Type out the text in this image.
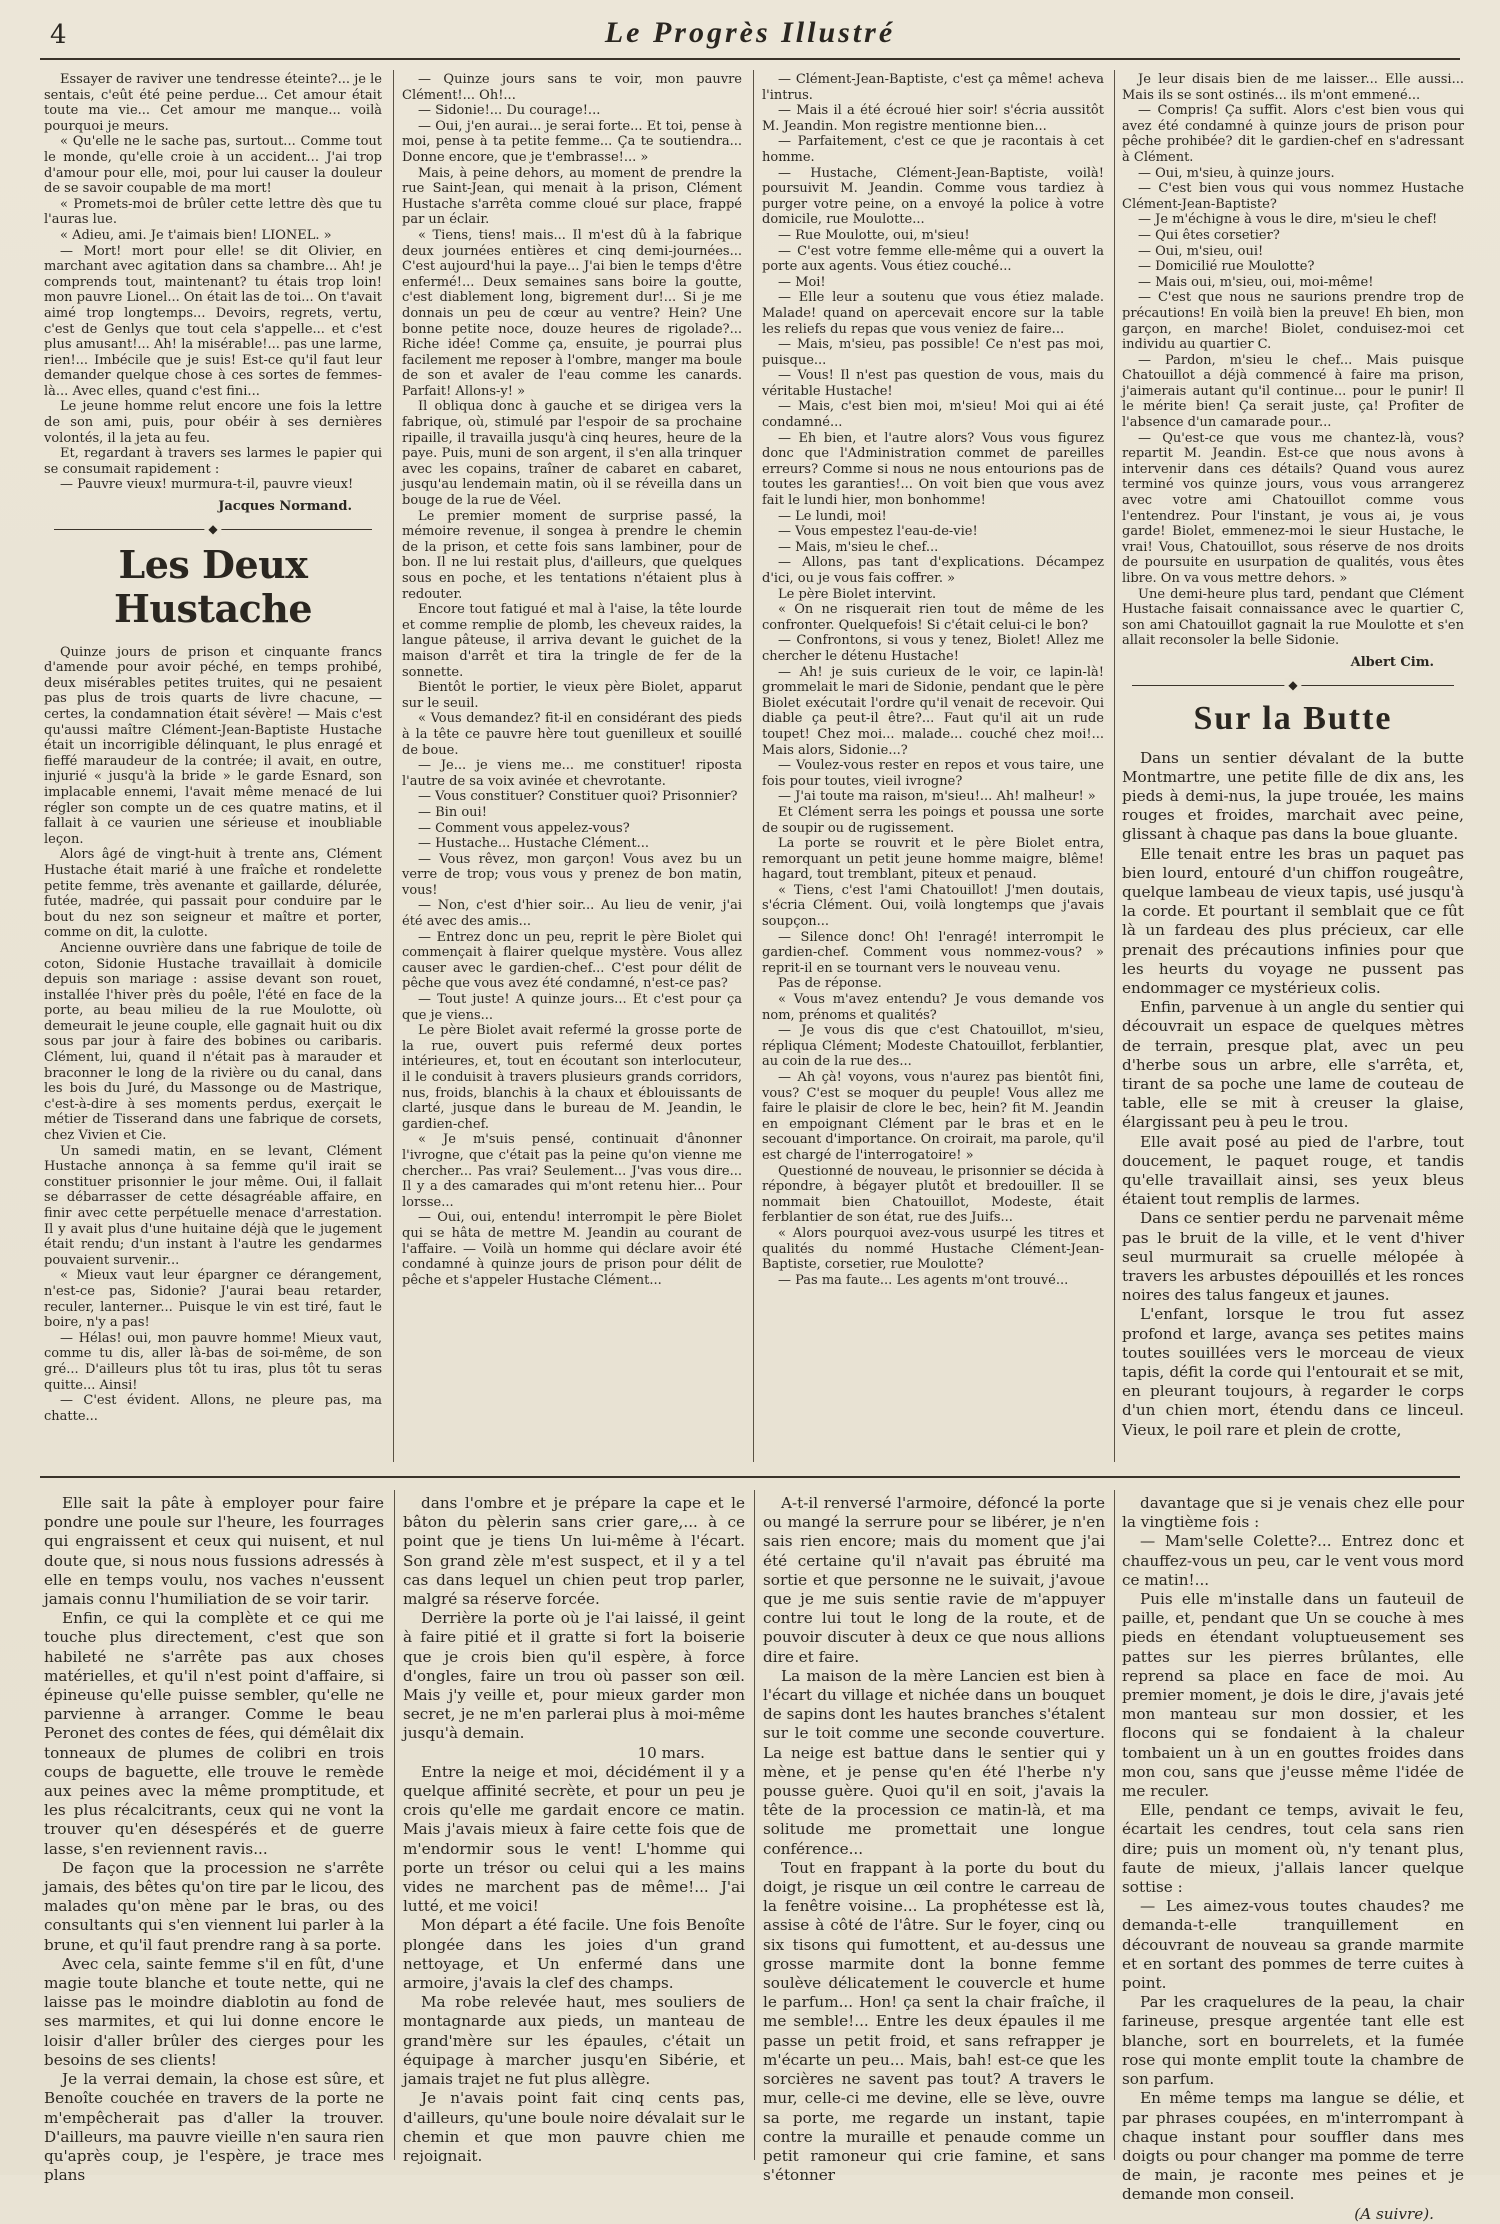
4	Le Progrès Illustré

Essayer de raviver une tendresse éteinte?... je le sentais, c'eût été peine perdue... Cet amour était toute ma vie... Cet amour me manque... voilà pourquoi je meurs.

« Qu'elle ne le sache pas, surtout... Comme tout le monde, qu'elle croie à un accident... J'ai trop d'amour pour elle, moi, pour lui causer la douleur de se savoir coupable de ma mort!

« Promets-moi de brûler cette lettre dès que tu l'auras lue.

« Adieu, ami. Je t'aimais bien! LIONEL. »

— Mort! mort pour elle! se dit Olivier, en marchant avec agitation dans sa chambre... Ah! je comprends tout, maintenant? tu étais trop loin! mon pauvre Lionel... On était las de toi... On t'avait aimé trop longtemps... Devoirs, regrets, vertu, c'est de Genlys que tout cela s'appelle... et c'est plus amusant!... Ah! la misérable!... pas une larme, rien!... Imbécile que je suis! Est-ce qu'il faut leur demander quelque chose à ces sortes de femmes-là... Avec elles, quand c'est fini...

Le jeune homme relut encore une fois la lettre de son ami, puis, pour obéir à ses dernières volontés, il la jeta au feu.

Et, regardant à travers ses larmes le papier qui se consumait rapidement :

— Pauvre vieux! murmura-t-il, pauvre vieux!

Jacques Normand.

◆
Les Deux Hustache

Quinze jours de prison et cinquante francs d'amende pour avoir péché, en temps prohibé, deux misérables petites truites, qui ne pesaient pas plus de trois quarts de livre chacune, — certes, la condamnation était sévère! — Mais c'est qu'aussi maître Clément-Jean-Baptiste Hustache était un incorrigible délinquant, le plus enragé et fieffé maraudeur de la contrée; il avait, en outre, injurié « jusqu'à la bride » le garde Esnard, son implacable ennemi, l'avait même menacé de lui régler son compte un de ces quatre matins, et il fallait à ce vaurien une sérieuse et inoubliable leçon.

Alors âgé de vingt-huit à trente ans, Clément Hustache était marié à une fraîche et rondelette petite femme, très avenante et gaillarde, délurée, futée, madrée, qui passait pour conduire par le bout du nez son seigneur et maître et porter, comme on dit, la culotte.

Ancienne ouvrière dans une fabrique de toile de coton, Sidonie Hustache travaillait à domicile depuis son mariage : assise devant son rouet, installée l'hiver près du poêle, l'été en face de la porte, au beau milieu de la rue Moulotte, où demeurait le jeune couple, elle gagnait huit ou dix sous par jour à faire des bobines ou caribaris. Clément, lui, quand il n'était pas à marauder et braconner le long de la rivière ou du canal, dans les bois du Juré, du Massonge ou de Mastrique, c'est-à-dire à ses moments perdus, exerçait le métier de Tisserand dans une fabrique de corsets, chez Vivien et Cie.

Un samedi matin, en se levant, Clément Hustache annonça à sa femme qu'il irait se constituer prisonnier le jour même. Oui, il fallait se débarrasser de cette désagréable affaire, en finir avec cette perpétuelle menace d'arrestation. Il y avait plus d'une huitaine déjà que le jugement était rendu; d'un instant à l'autre les gendarmes pouvaient survenir...

« Mieux vaut leur épargner ce dérangement, n'est-ce pas, Sidonie? J'aurai beau retarder, reculer, lanterner... Puisque le vin est tiré, faut le boire, n'y a pas!

— Hélas! oui, mon pauvre homme! Mieux vaut, comme tu dis, aller là-bas de soi-même, de son gré... D'ailleurs plus tôt tu iras, plus tôt tu seras quitte... Ainsi!

— C'est évident. Allons, ne pleure pas, ma chatte...

— Quinze jours sans te voir, mon pauvre Clément!... Oh!...

— Sidonie!... Du courage!...

— Oui, j'en aurai... je serai forte... Et toi, pense à moi, pense à ta petite femme... Ça te soutiendra... Donne encore, que je t'embrasse!... »

Mais, à peine dehors, au moment de prendre la rue Saint-Jean, qui menait à la prison, Clément Hustache s'arrêta comme cloué sur place, frappé par un éclair.

« Tiens, tiens! mais... Il m'est dû à la fabrique deux journées entières et cinq demi-journées... C'est aujourd'hui la paye... J'ai bien le temps d'être enfermé!... Deux semaines sans boire la goutte, c'est diablement long, bigrement dur!... Si je me donnais un peu de cœur au ventre? Hein? Une bonne petite noce, douze heures de rigolade?... Riche idée! Comme ça, ensuite, je pourrai plus facilement me reposer à l'ombre, manger ma boule de son et avaler de l'eau comme les canards. Parfait! Allons-y! »

Il obliqua donc à gauche et se dirigea vers la fabrique, où, stimulé par l'espoir de sa prochaine ripaille, il travailla jusqu'à cinq heures, heure de la paye. Puis, muni de son argent, il s'en alla trinquer avec les copains, traîner de cabaret en cabaret, jusqu'au lendemain matin, où il se réveilla dans un bouge de la rue de Véel.

Le premier moment de surprise passé, la mémoire revenue, il songea à prendre le chemin de la prison, et cette fois sans lambiner, pour de bon. Il ne lui restait plus, d'ailleurs, que quelques sous en poche, et les tentations n'étaient plus à redouter.

Encore tout fatigué et mal à l'aise, la tête lourde et comme remplie de plomb, les cheveux raides, la langue pâteuse, il arriva devant le guichet de la maison d'arrêt et tira la tringle de fer de la sonnette.

Bientôt le portier, le vieux père Biolet, apparut sur le seuil.

« Vous demandez? fit-il en considérant des pieds à la tête ce pauvre hère tout guenilleux et souillé de boue.

— Je... je viens me... me constituer! riposta l'autre de sa voix avinée et chevrotante.

— Vous constituer? Constituer quoi? Prisonnier?

— Bin oui!

— Comment vous appelez-vous?

— Hustache... Hustache Clément...

— Vous rêvez, mon garçon! Vous avez bu un verre de trop; vous vous y prenez de bon matin, vous!

— Non, c'est d'hier soir... Au lieu de venir, j'ai été avec des amis...

— Entrez donc un peu, reprit le père Biolet qui commençait à flairer quelque mystère. Vous allez causer avec le gardien-chef... C'est pour délit de pêche que vous avez été condamné, n'est-ce pas?

— Tout juste! A quinze jours... Et c'est pour ça que je viens...

Le père Biolet avait refermé la grosse porte de la rue, ouvert puis refermé deux portes intérieures, et, tout en écoutant son interlocuteur, il le conduisit à travers plusieurs grands corridors, nus, froids, blanchis à la chaux et éblouissants de clarté, jusque dans le bureau de M. Jeandin, le gardien-chef.

« Je m'suis pensé, continuait d'ânonner l'ivrogne, que c'était pas la peine qu'on vienne me chercher... Pas vrai? Seulement... J'vas vous dire... Il y a des camarades qui m'ont retenu hier... Pour lorsse...

— Oui, oui, entendu! interrompit le père Biolet qui se hâta de mettre M. Jeandin au courant de l'affaire. — Voilà un homme qui déclare avoir été condamné à quinze jours de prison pour délit de pêche et s'appeler Hustache Clément...

— Clément-Jean-Baptiste, c'est ça même! acheva l'intrus.

— Mais il a été écroué hier soir! s'écria aussitôt M. Jeandin. Mon registre mentionne bien...

— Parfaitement, c'est ce que je racontais à cet homme.

— Hustache, Clément-Jean-Baptiste, voilà! poursuivit M. Jeandin. Comme vous tardiez à purger votre peine, on a envoyé la police à votre domicile, rue Moulotte...

— Rue Moulotte, oui, m'sieu!

— C'est votre femme elle-même qui a ouvert la porte aux agents. Vous étiez couché...

— Moi!

— Elle leur a soutenu que vous étiez malade. Malade! quand on apercevait encore sur la table les reliefs du repas que vous veniez de faire...

— Mais, m'sieu, pas possible! Ce n'est pas moi, puisque...

— Vous! Il n'est pas question de vous, mais du véritable Hustache!

— Mais, c'est bien moi, m'sieu! Moi qui ai été condamné...

— Eh bien, et l'autre alors? Vous vous figurez donc que l'Administration commet de pareilles erreurs? Comme si nous ne nous entourions pas de toutes les garanties!... On voit bien que vous avez fait le lundi hier, mon bonhomme!

— Le lundi, moi!

— Vous empestez l'eau-de-vie!

— Mais, m'sieu le chef...

— Allons, pas tant d'explications. Décampez d'ici, ou je vous fais coffrer. »

Le père Biolet intervint.

« On ne risquerait rien tout de même de les confronter. Quelquefois! Si c'était celui-ci le bon?

— Confrontons, si vous y tenez, Biolet! Allez me chercher le détenu Hustache!

— Ah! je suis curieux de le voir, ce lapin-là! grommelait le mari de Sidonie, pendant que le père Biolet exécutait l'ordre qu'il venait de recevoir. Qui diable ça peut-il être?... Faut qu'il ait un rude toupet! Chez moi... malade... couché chez moi!... Mais alors, Sidonie...?

— Voulez-vous rester en repos et vous taire, une fois pour toutes, vieil ivrogne?

— J'ai toute ma raison, m'sieu!... Ah! malheur! »

Et Clément serra les poings et poussa une sorte de soupir ou de rugissement.

La porte se rouvrit et le père Biolet entra, remorquant un petit jeune homme maigre, blême! hagard, tout tremblant, piteux et penaud.

« Tiens, c'est l'ami Chatouillot! J'men doutais, s'écria Clément. Oui, voilà longtemps que j'avais soupçon...

— Silence donc! Oh! l'enragé! interrompit le gardien-chef. Comment vous nommez-vous? » reprit-il en se tournant vers le nouveau venu.

Pas de réponse.

« Vous m'avez entendu? Je vous demande vos nom, prénoms et qualités?

— Je vous dis que c'est Chatouillot, m'sieu, répliqua Clément; Modeste Chatouillot, ferblantier, au coin de la rue des...

— Ah çà! voyons, vous n'aurez pas bientôt fini, vous? C'est se moquer du peuple! Vous allez me faire le plaisir de clore le bec, hein? fit M. Jeandin en empoignant Clément par le bras et en le secouant d'importance. On croirait, ma parole, qu'il est chargé de l'interrogatoire! »

Questionné de nouveau, le prisonnier se décida à répondre, à bégayer plutôt et bredouiller. Il se nommait bien Chatouillot, Modeste, était ferblantier de son état, rue des Juifs...

« Alors pourquoi avez-vous usurpé les titres et qualités du nommé Hustache Clément-Jean-Baptiste, corsetier, rue Moulotte?

— Pas ma faute... Les agents m'ont trouvé...

Je leur disais bien de me laisser... Elle aussi... Mais ils se sont ostinés... ils m'ont emmené...

— Compris! Ça suffit. Alors c'est bien vous qui avez été condamné à quinze jours de prison pour pêche prohibée? dit le gardien-chef en s'adressant à Clément.

— Oui, m'sieu, à quinze jours.

— C'est bien vous qui vous nommez Hustache Clément-Jean-Baptiste?

— Je m'échigne à vous le dire, m'sieu le chef!

— Qui êtes corsetier?

— Oui, m'sieu, oui!

— Domicilié rue Moulotte?

— Mais oui, m'sieu, oui, moi-même!

— C'est que nous ne saurions prendre trop de précautions! En voilà bien la preuve! Eh bien, mon garçon, en marche! Biolet, conduisez-moi cet individu au quartier C.

— Pardon, m'sieu le chef... Mais puisque Chatouillot a déjà commencé à faire ma prison, j'aimerais autant qu'il continue... pour le punir! Il le mérite bien! Ça serait juste, ça! Profiter de l'absence d'un camarade pour...

— Qu'est-ce que vous me chantez-là, vous? repartit M. Jeandin. Est-ce que nous avons à intervenir dans ces détails? Quand vous aurez terminé vos quinze jours, vous vous arrangerez avec votre ami Chatouillot comme vous l'entendrez. Pour l'instant, je vous ai, je vous garde! Biolet, emmenez-moi le sieur Hustache, le vrai! Vous, Chatouillot, sous réserve de nos droits de poursuite en usurpation de qualités, vous êtes libre. On va vous mettre dehors. »

Une demi-heure plus tard, pendant que Clément Hustache faisait connaissance avec le quartier C, son ami Chatouillot gagnait la rue Moulotte et s'en allait reconsoler la belle Sidonie.

Albert Cim.

◆
Sur la Butte

Dans un sentier dévalant de la butte Montmartre, une petite fille de dix ans, les pieds à demi-nus, la jupe trouée, les mains rouges et froides, marchait avec peine, glissant à chaque pas dans la boue gluante.

Elle tenait entre les bras un paquet pas bien lourd, entouré d'un chiffon rougeâtre, quelque lambeau de vieux tapis, usé jusqu'à la corde. Et pourtant il semblait que ce fût là un fardeau des plus précieux, car elle prenait des précautions infinies pour que les heurts du voyage ne pussent pas endommager ce mystérieux colis.

Enfin, parvenue à un angle du sentier qui découvrait un espace de quelques mètres de terrain, presque plat, avec un peu d'herbe sous un arbre, elle s'arrêta, et, tirant de sa poche une lame de couteau de table, elle se mit à creuser la glaise, élargissant peu à peu le trou.

Elle avait posé au pied de l'arbre, tout doucement, le paquet rouge, et tandis qu'elle travaillait ainsi, ses yeux bleus étaient tout remplis de larmes.

Dans ce sentier perdu ne parvenait même pas le bruit de la ville, et le vent d'hiver seul murmurait sa cruelle mélopée à travers les arbustes dépouillés et les ronces noires des talus fangeux et jaunes.

L'enfant, lorsque le trou fut assez profond et large, avança ses petites mains toutes souillées vers le morceau de vieux tapis, défit la corde qui l'entourait et se mit, en pleurant toujours, à regarder le corps d'un chien mort, étendu dans ce linceul. Vieux, le poil rare et plein de crotte,

Elle sait la pâte à employer pour faire pondre une poule sur l'heure, les fourrages qui engraissent et ceux qui nuisent, et nul doute que, si nous nous fussions adressés à elle en temps voulu, nos vaches n'eussent jamais connu l'humiliation de se voir tarir.

Enfin, ce qui la complète et ce qui me touche plus directement, c'est que son habileté ne s'arrête pas aux choses matérielles, et qu'il n'est point d'affaire, si épineuse qu'elle puisse sembler, qu'elle ne parvienne à arranger. Comme le beau Peronet des contes de fées, qui démêlait dix tonneaux de plumes de colibri en trois coups de baguette, elle trouve le remède aux peines avec la même promptitude, et les plus récalcitrants, ceux qui ne vont la trouver qu'en désespérés et de guerre lasse, s'en reviennent ravis...

De façon que la procession ne s'arrête jamais, des bêtes qu'on tire par le licou, des malades qu'on mène par le bras, ou des consultants qui s'en viennent lui parler à la brune, et qu'il faut prendre rang à sa porte.

Avec cela, sainte femme s'il en fût, d'une magie toute blanche et toute nette, qui ne laisse pas le moindre diablotin au fond de ses marmites, et qui lui donne encore le loisir d'aller brûler des cierges pour les besoins de ses clients!

Je la verrai demain, la chose est sûre, et Benoîte couchée en travers de la porte ne m'empêcherait pas d'aller la trouver. D'ailleurs, ma pauvre vieille n'en saura rien qu'après coup, je l'espère, je trace mes plans

dans l'ombre et je prépare la cape et le bâton du pèlerin sans crier gare,... à ce point que je tiens Un lui-même à l'écart. Son grand zèle m'est suspect, et il y a tel cas dans lequel un chien peut trop parler, malgré sa réserve forcée.

Derrière la porte où je l'ai laissé, il geint à faire pitié et il gratte si fort la boiserie que je crois bien qu'il espère, à force d'ongles, faire un trou où passer son œil. Mais j'y veille et, pour mieux garder mon secret, je ne m'en parlerai plus à moi-même jusqu'à demain.

10 mars.

Entre la neige et moi, décidément il y a quelque affinité secrète, et pour un peu je crois qu'elle me gardait encore ce matin. Mais j'avais mieux à faire cette fois que de m'endormir sous le vent! L'homme qui porte un trésor ou celui qui a les mains vides ne marchent pas de même!... J'ai lutté, et me voici!

Mon départ a été facile. Une fois Benoîte plongée dans les joies d'un grand nettoyage, et Un enfermé dans une armoire, j'avais la clef des champs.

Ma robe relevée haut, mes souliers de montagnarde aux pieds, un manteau de grand'mère sur les épaules, c'était un équipage à marcher jusqu'en Sibérie, et jamais trajet ne fut plus allègre.

Je n'avais point fait cinq cents pas, d'ailleurs, qu'une boule noire dévalait sur le chemin et que mon pauvre chien me rejoignait.

A-t-il renversé l'armoire, défoncé la porte ou mangé la serrure pour se libérer, je n'en sais rien encore; mais du moment que j'ai été certaine qu'il n'avait pas ébruité ma sortie et que personne ne le suivait, j'avoue que je me suis sentie ravie de m'appuyer contre lui tout le long de la route, et de pouvoir discuter à deux ce que nous allions dire et faire.

La maison de la mère Lancien est bien à l'écart du village et nichée dans un bouquet de sapins dont les hautes branches s'étalent sur le toit comme une seconde couverture. La neige est battue dans le sentier qui y mène, et je pense qu'en été l'herbe n'y pousse guère. Quoi qu'il en soit, j'avais la tête de la procession ce matin-là, et ma solitude me promettait une longue conférence...

Tout en frappant à la porte du bout du doigt, je risque un œil contre le carreau de la fenêtre voisine... La prophétesse est là, assise à côté de l'âtre. Sur le foyer, cinq ou six tisons qui fumottent, et au-dessus une grosse marmite dont la bonne femme soulève délicatement le couvercle et hume le parfum... Hon! ça sent la chair fraîche, il me semble!... Entre les deux épaules il me passe un petit froid, et sans refrapper je m'écarte un peu... Mais, bah! est-ce que les sorcières ne savent pas tout? A travers le mur, celle-ci me devine, elle se lève, ouvre sa porte, me regarde un instant, tapie contre la muraille et penaude comme un petit ramoneur qui crie famine, et sans s'étonner

davantage que si je venais chez elle pour la vingtième fois :

— Mam'selle Colette?... Entrez donc et chauffez-vous un peu, car le vent vous mord ce matin!...

Puis elle m'installe dans un fauteuil de paille, et, pendant que Un se couche à mes pieds en étendant voluptueusement ses pattes sur les pierres brûlantes, elle reprend sa place en face de moi. Au premier moment, je dois le dire, j'avais jeté mon manteau sur mon dossier, et les flocons qui se fondaient à la chaleur tombaient un à un en gouttes froides dans mon cou, sans que j'eusse même l'idée de me reculer.

Elle, pendant ce temps, avivait le feu, écartait les cendres, tout cela sans rien dire; puis un moment où, n'y tenant plus, faute de mieux, j'allais lancer quelque sottise :

— Les aimez-vous toutes chaudes? me demanda-t-elle tranquillement en découvrant de nouveau sa grande marmite et en sortant des pommes de terre cuites à point.

Par les craquelures de la peau, la chair farineuse, presque argentée tant elle est blanche, sort en bourrelets, et la fumée rose qui monte emplit toute la chambre de son parfum.

En même temps ma langue se délie, et par phrases coupées, en m'interrompant à chaque instant pour souffler dans mes doigts ou pour changer ma pomme de terre de main, je raconte mes peines et je demande mon conseil.

(A suivre).
